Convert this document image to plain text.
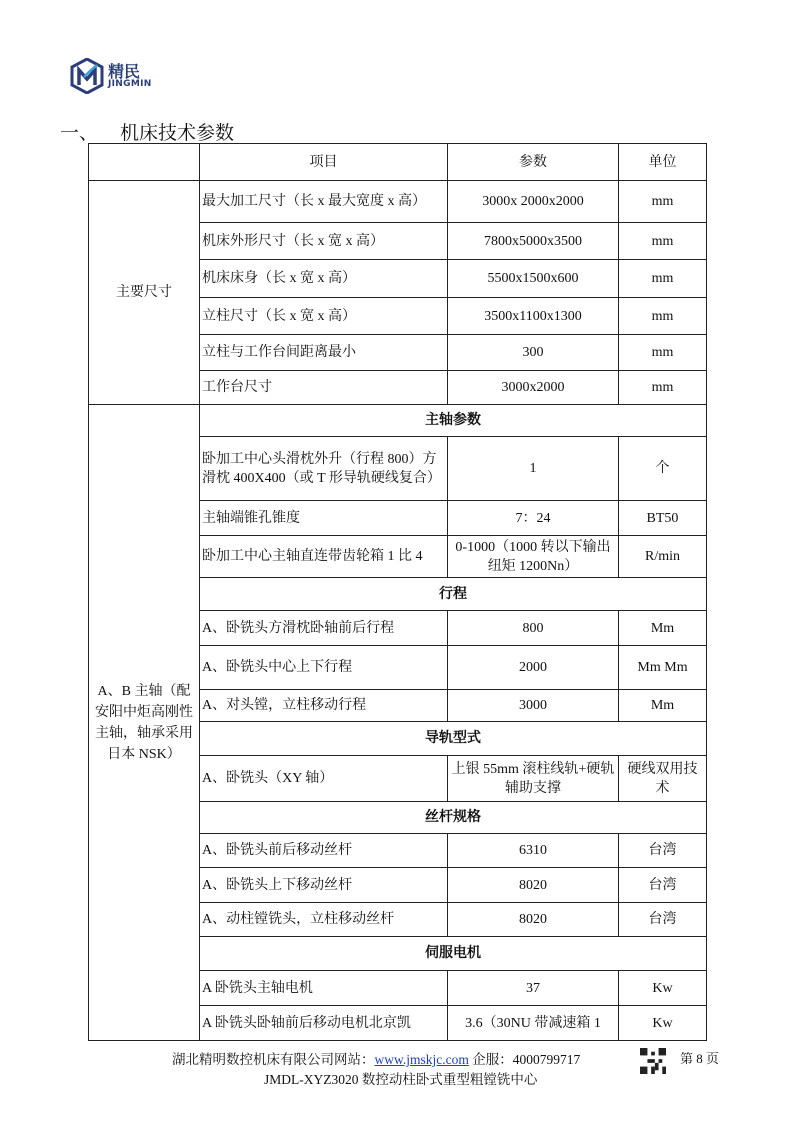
精民
JINGMIN
一、 机床技术参数
	项目	参数	单位
主要尺寸	最大加工尺寸（长 x 最大宽度 x 高）	3000x 2000x2000	mm
	机床外形尺寸（长 x 宽 x 高）	7800x5000x3500	mm
	机床床身（长 x 宽 x 高）	5500x1500x600	mm
	立柱尺寸（长 x 宽 x 高）	3500x1100x1300	mm
	立柱与工作台间距离最小	300	mm
	工作台尺寸	3000x2000	mm
A、B 主轴（配安阳中炬高刚性主轴，轴承采用日本 NSK）	主轴参数		
	卧加工中心头滑枕外升（行程 800）方滑枕 400X400（或 T 形导轨硬线复合）	1	个
	主轴端锥孔锥度	7：24	BT50
	卧加工中心主轴直连带齿轮箱 1 比 4	0-1000（1000 转以下输出纽矩 1200Nn）	R/min
	行程		
	A、卧铣头方滑枕卧轴前后行程	800	Mm
	A、卧铣头中心上下行程	2000	Mm Mm
	A、对头镗，立柱移动行程	3000	Mm
	导轨型式		
	A、卧铣头（XY 轴）	上银 55mm 滚柱线轨+硬轨辅助支撑	硬线双用技术
	丝杆规格		
	A、卧铣头前后移动丝杆	6310	台湾
	A、卧铣头上下移动丝杆	8020	台湾
	A、动柱镗铣头，立柱移动丝杆	8020	台湾
	伺服电机		
	A 卧铣头主轴电机	37	Kw
	A 卧铣头卧轴前后移动电机北京凯	3.6（30NU 带减速箱 1	Kw
湖北精明数控机床有限公司网站：www.jmskjc.com 企服：4000799717	第 8 页
JMDL-XYZ3020 数控动柱卧式重型粗镗铣中心
